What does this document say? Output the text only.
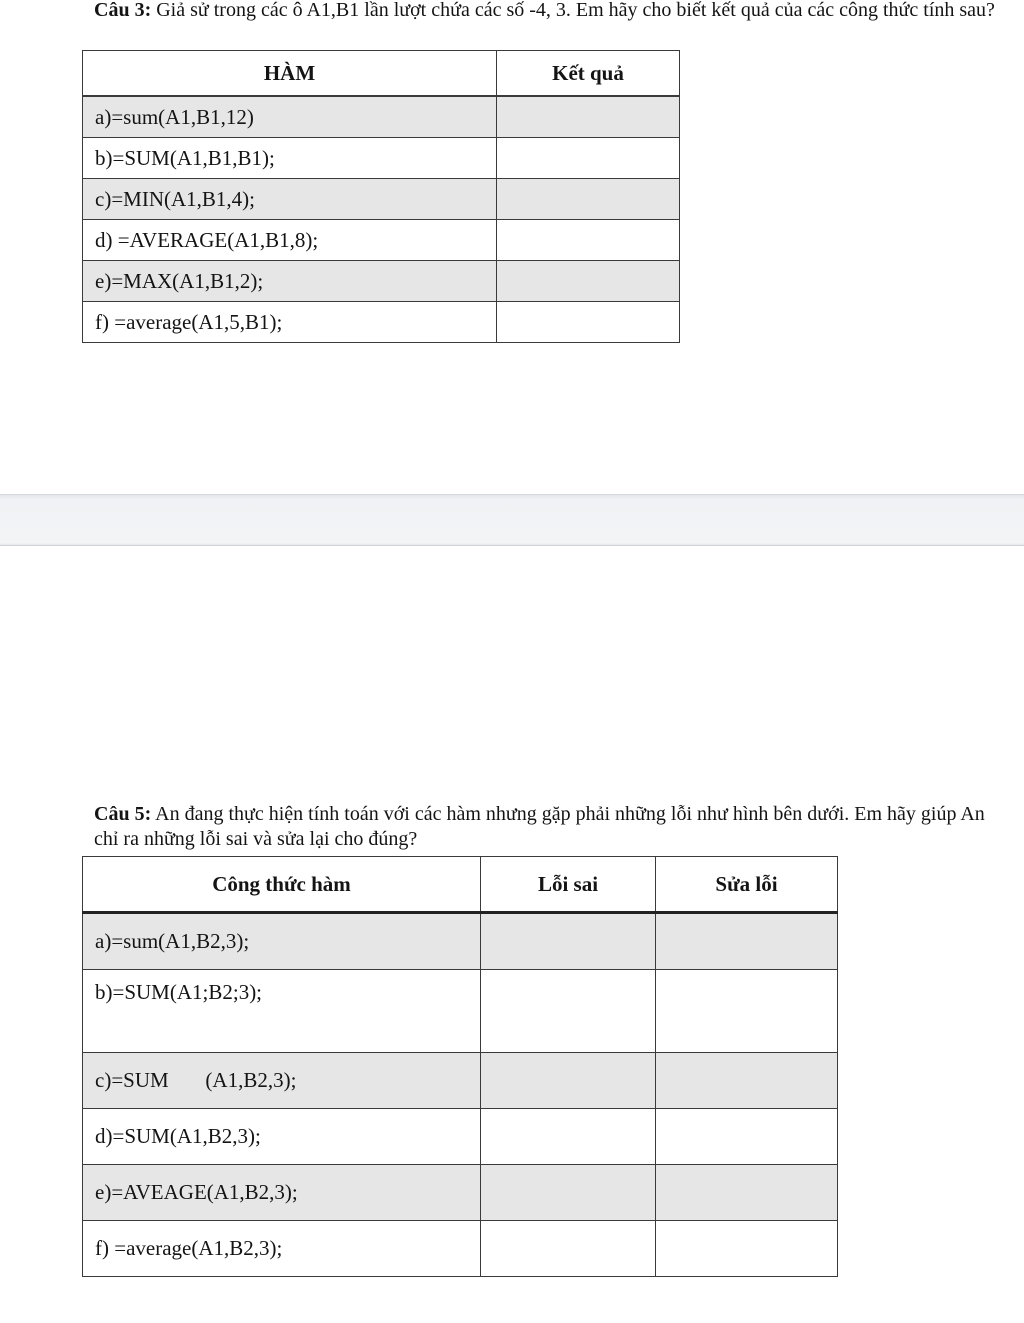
Câu 3: Giả sử trong các ô A1,B1 lần lượt chứa các số -4, 3. Em hãy cho biết kết quả của các công thức tính sau?

HÀM	Kết quả
a)=sum(A1,B1,12)	
b)=SUM(A1,B1,B1);	
c)=MIN(A1,B1,4);	
d) =AVERAGE(A1,B1,8);	
e)=MAX(A1,B1,2);	
f) =average(A1,5,B1);	

Câu 5: An đang thực hiện tính toán với các hàm nhưng gặp phải những lỗi như hình bên dưới. Em hãy giúp An chỉ ra những lỗi sai và sửa lại cho đúng?

Công thức hàm	Lỗi sai	Sửa lỗi
a)=sum(A1,B2,3);		
b)=SUM(A1;B2;3);		
c)=SUM       (A1,B2,3);		
d)=SUM(A1,B2,3);		
e)=AVEAGE(A1,B2,3);		
f) =average(A1,B2,3);		
